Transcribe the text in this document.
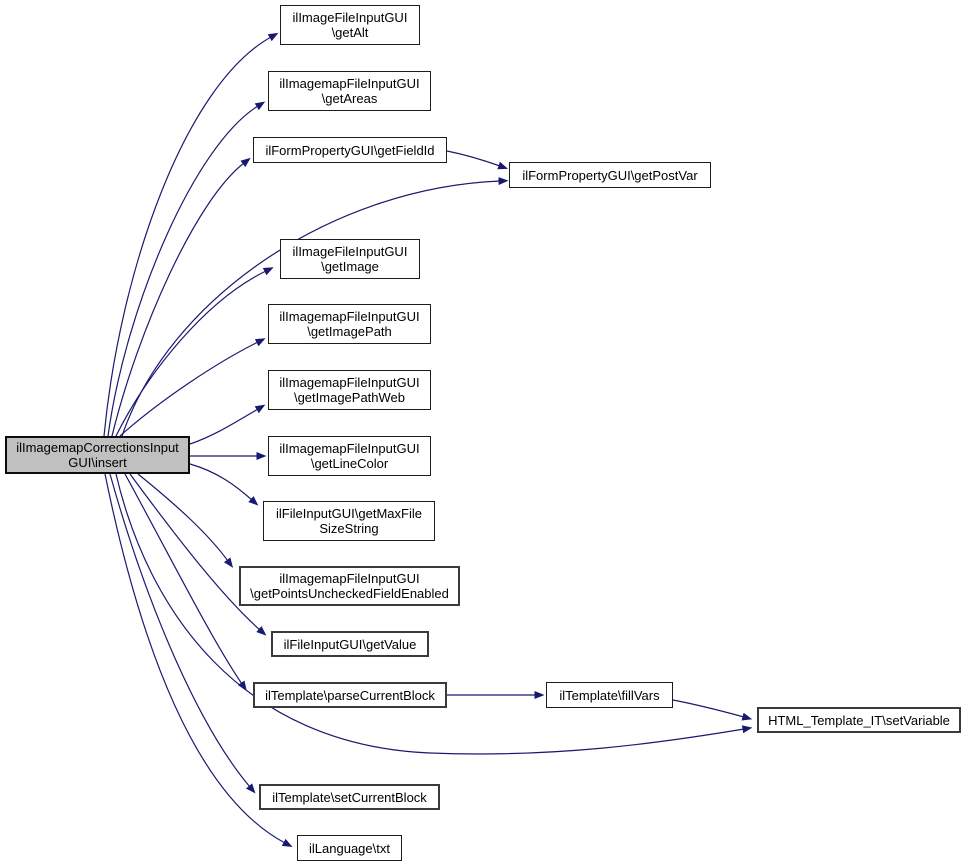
ilImagemapCorrectionsInput
GUI\insert
ilImageFileInputGUI
\getAlt
ilImagemapFileInputGUI
\getAreas
ilFormPropertyGUI\getFieldId
ilFormPropertyGUI\getPostVar
ilImageFileInputGUI
\getImage
ilImagemapFileInputGUI
\getImagePath
ilImagemapFileInputGUI
\getImagePathWeb
ilImagemapFileInputGUI
\getLineColor
ilFileInputGUI\getMaxFile
SizeString
ilImagemapFileInputGUI
\getPointsUncheckedFieldEnabled
ilFileInputGUI\getValue
ilTemplate\parseCurrentBlock	ilTemplate\fillVars
HTML_Template_IT\setVariable
ilTemplate\setCurrentBlock
ilLanguage\txt
